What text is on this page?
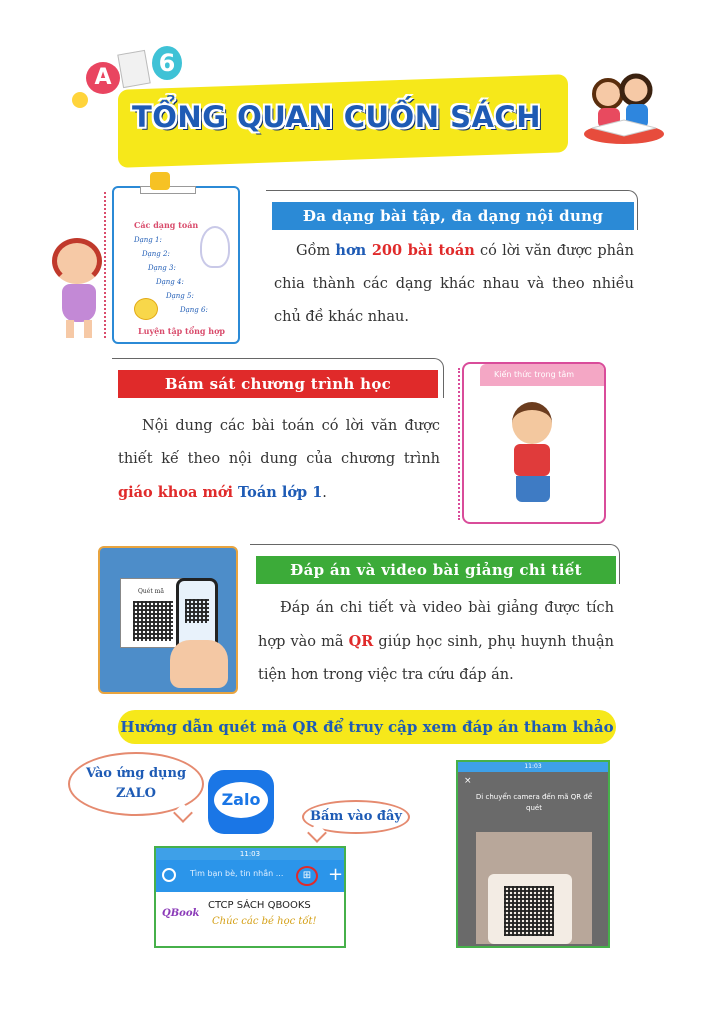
A
6
TỔNG QUAN CUỐN SÁCH
Các dạng toán
Dạng 1:
Dạng 2:
Dạng 3:
Dạng 4:
Dạng 5:
Dạng 6:
Luyện tập tổng hợp
Đa dạng bài tập, đa dạng nội dung
Gồm hơn 200 bài toán có lời văn được phân chia thành các dạng khác nhau và theo nhiều chủ đề khác nhau.
Bám sát chương trình học
Nội dung các bài toán có lời văn được thiết kế theo nội dung của chương trình giáo khoa mới Toán lớp 1.
Kiến thức trọng tâm
Quét mã
Đáp án và video bài giảng chi tiết
Đáp án chi tiết và video bài giảng được tích hợp vào mã QR giúp học sinh, phụ huynh thuận tiện hơn trong việc tra cứu đáp án.
Hướng dẫn quét mã QR để truy cập xem đáp án tham khảo
Vào ứng dụng ZALO
Bấm vào đây
Zalo
11:03
Tìm bạn bè, tin nhắn ...	⊞ +
QBook
CTCP SÁCH QBOOKS
Chúc các bé học tốt!
11:03
×
Di chuyển camera đến mã QR để quét
